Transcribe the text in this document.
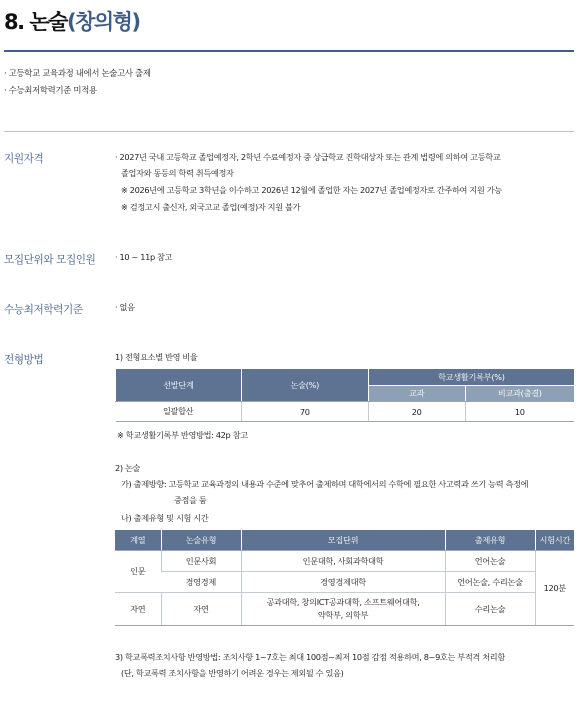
8. 논술(창의형)
· 고등학교 교육과정 내에서 논술고사 출제
· 수능최저학력기준 미적용
지원자격	· 2027년 국내 고등학교 졸업예정자, 2학년 수료예정자 중 상급학교 진학대상자 또는 관계 법령에 의하여 고등학교
졸업자와 동등의 학력 취득예정자
※ 2026년에 고등학교 3학년을 이수하고 2026년 12월에 졸업한 자는 2027년 졸업예정자로 간주하여 지원 가능
※ 검정고시 출신자, 외국고교 졸업(예정)자 지원 불가
모집단위와 모집인원 · 10 ~ 11p 참고
수능최저학력기준	· 없음
전형방법	1) 전형요소별 반영 비율
선발단계	논술(%)	학교생활기록부(%)	
		교과	비교과(출결)
일괄합산	70	20	10
※ 학교생활기록부 반영방법: 42p 참고
2) 논술
가) 출제방향: 고등학교 교육과정의 내용과 수준에 맞추어 출제하며 대학에서의 수학에 필요한 사고력과 쓰기 능력 측정에
중점을 둠
나) 출제유형 및 시험 시간
계열	논술유형	모집단위	출제유형	시험시간
인문	인문사회	인문대학, 사회과학대학	언어논술	120분
	경영경제	경영경제대학	언어논술, 수리논술	
자연	자연	공과대학, 창의ICT공과대학, 소프트웨어대학,
약학부, 의학부	수리논술	
3) 학교폭력조치사항 반영방법: 조치사항 1~7호는 최대 100점~최저 10점 감점 적용하며, 8~9호는 부적격 처리함
(단, 학교폭력 조치사항을 반영하기 어려운 경우는 제외될 수 있음)
